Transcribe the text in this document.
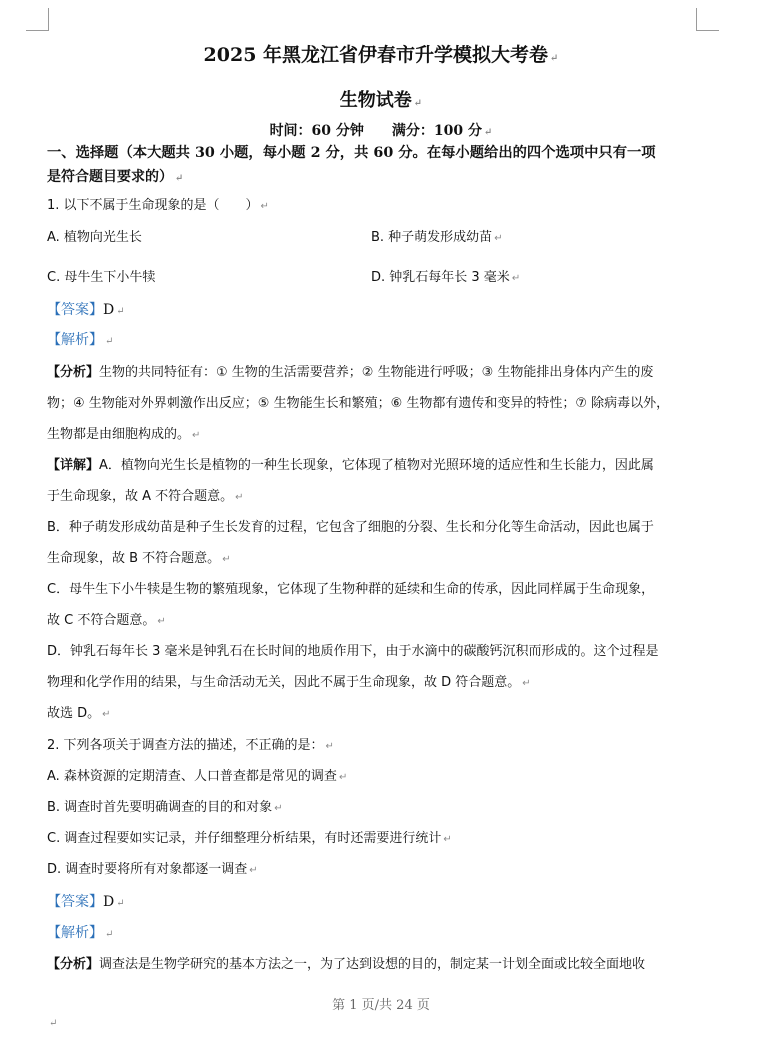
2025 年黑龙江省伊春市升学模拟大考卷 ↵
生物试卷 ↵
时间：60 分钟　　满分：100 分 ↵
一、选择题（本大题共 30 小题，每小题 2 分，共 60 分。在每小题给出的四个选项中只有一项
是符合题目要求的） ↵
1. 以下不属于生命现象的是（　　） ↵
A. 植物向光生长	B. 种子萌发形成幼苗 ↵
C. 母牛生下小牛犊	D. 钟乳石每年长 3 毫米 ↵
【答案】D ↵
【解析】 ↵
【分析】生物的共同特征有：① 生物的生活需要营养；② 生物能进行呼吸；③ 生物能排出身体内产生的废
物；④ 生物能对外界刺激作出反应；⑤ 生物能生长和繁殖；⑥ 生物都有遗传和变异的特性；⑦ 除病毒以外，
生物都是由细胞构成的。 ↵
【详解】A．植物向光生长是植物的一种生长现象，它体现了植物对光照环境的适应性和生长能力，因此属
于生命现象，故 A 不符合题意。 ↵
B．种子萌发形成幼苗是种子生长发育的过程，它包含了细胞的分裂、生长和分化等生命活动，因此也属于
生命现象，故 B 不符合题意。 ↵
C．母牛生下小牛犊是生物的繁殖现象，它体现了生物种群的延续和生命的传承，因此同样属于生命现象，
故 C 不符合题意。 ↵
D．钟乳石每年长 3 毫米是钟乳石在长时间的地质作用下，由于水滴中的碳酸钙沉积而形成的。这个过程是
物理和化学作用的结果，与生命活动无关，因此不属于生命现象，故 D 符合题意。 ↵
故选 D。 ↵
2. 下列各项关于调查方法的描述，不正确的是： ↵
A. 森林资源的定期清查、人口普查都是常见的调查 ↵
B. 调查时首先要明确调查的目的和对象 ↵
C. 调查过程要如实记录，并仔细整理分析结果，有时还需要进行统计 ↵
D. 调查时要将所有对象都逐一调查 ↵
【答案】D ↵
【解析】 ↵
【分析】调查法是生物学研究的基本方法之一，为了达到设想的目的，制定某一计划全面或比较全面地收
第 1 页/共 24 页
↵
